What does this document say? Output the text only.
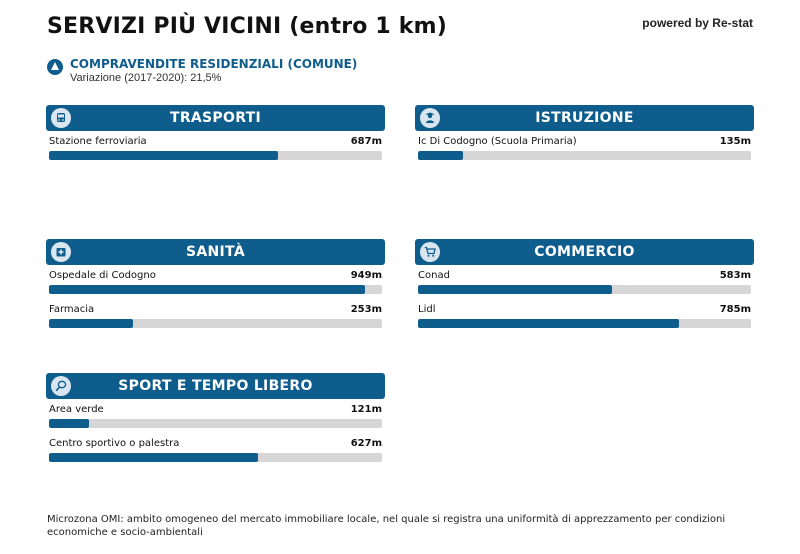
SERVIZI PIÙ VICINI (entro 1 km)	powered by Re-stat
COMPRAVENDITE RESIDENZIALI (COMUNE)
Variazione (2017-2020): 21,5%
TRASPORTI
Stazione ferroviaria	687m
ISTRUZIONE
Ic Di Codogno (Scuola Primaria)	135m
SANITÀ
Ospedale di Codogno	949m
Farmacia	253m
COMMERCIO
Conad	583m
Lidl	785m
SPORT E TEMPO LIBERO
Area verde	121m
Centro sportivo o palestra	627m
Microzona OMI: ambito omogeneo del mercato immobiliare locale, nel quale si registra una uniformità di apprezzamento per condizioni economiche e socio-ambientali
